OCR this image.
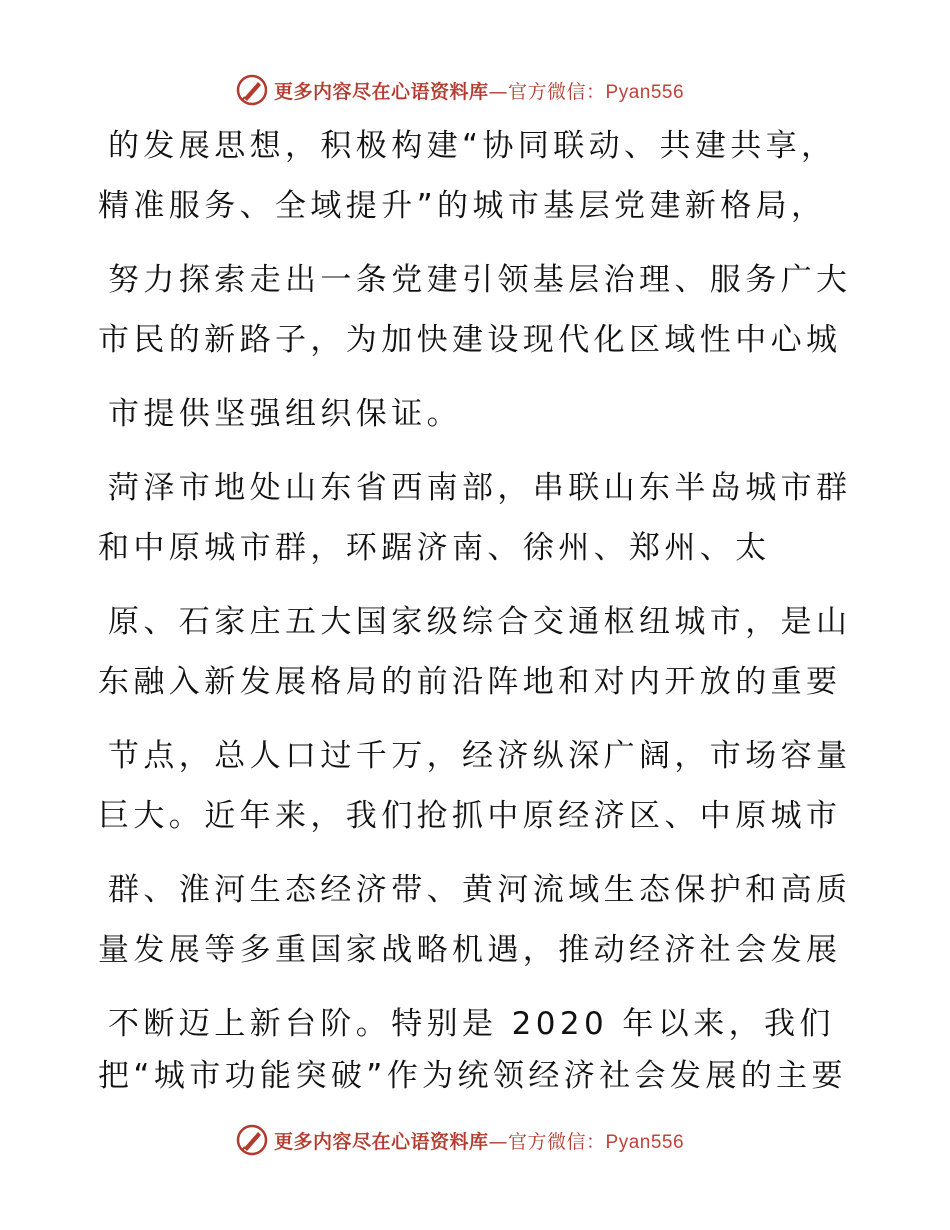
更多内容尽在心语资料库—官方微信：Pyan556
的发展思想，积极构建“协同联动、共建共享，
精准服务、全域提升”的城市基层党建新格局，
努力探索走出一条党建引领基层治理、服务广大
市民的新路子，为加快建设现代化区域性中心城
市提供坚强组织保证。
菏泽市地处山东省西南部，串联山东半岛城市群
和中原城市群，环踞济南、徐州、郑州、太
原、石家庄五大国家级综合交通枢纽城市，是山
东融入新发展格局的前沿阵地和对内开放的重要
节点，总人口过千万，经济纵深广阔，市场容量
巨大。近年来，我们抢抓中原经济区、中原城市
群、淮河生态经济带、黄河流域生态保护和高质
量发展等多重国家战略机遇，推动经济社会发展
不断迈上新台阶。特别是 2020 年以来，我们
把“城市功能突破”作为统领经济社会发展的主要
更多内容尽在心语资料库—官方微信：Pyan556
